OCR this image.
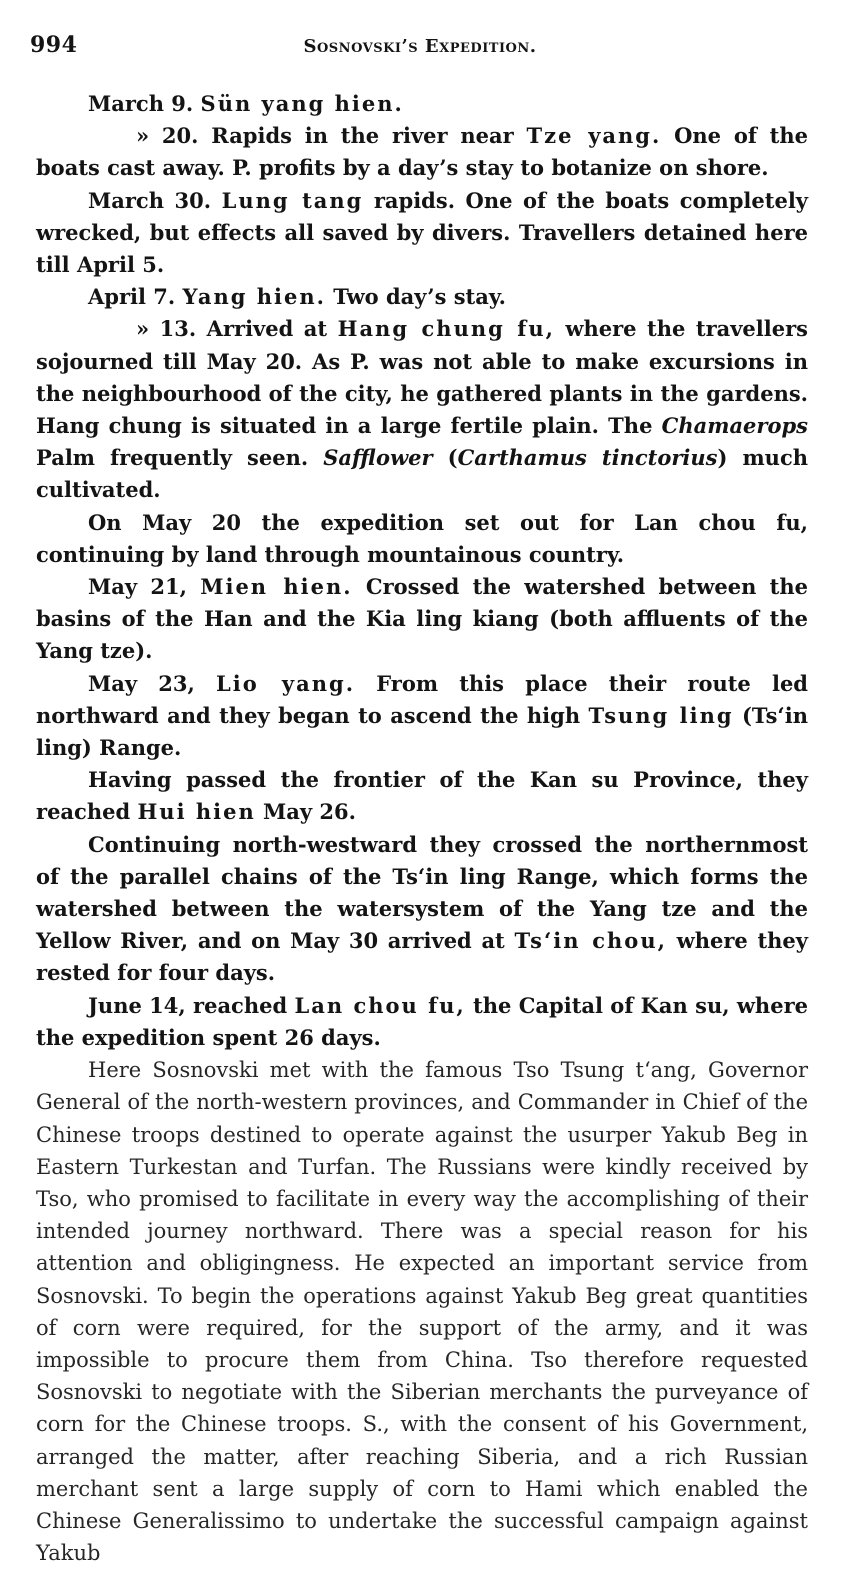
994	Sosnovski’s Expedition.

March 9. Sün yang hien.

» 20. Rapids in the river near Tze yang. One of the boats cast away. P. profits by a day’s stay to botanize on shore.

March 30. Lung tang rapids. One of the boats completely wrecked, but effects all saved by divers. Travellers detained here till April 5.

April 7. Yang hien. Two day’s stay.

» 13. Arrived at Hang chung fu, where the travellers sojourned till May 20. As P. was not able to make excursions in the neighbourhood of the city, he gathered plants in the gardens. Hang chung is situated in a large fertile plain. The Chamaerops Palm frequently seen. Safflower (Carthamus tinctorius) much cultivated.

On May 20 the expedition set out for Lan chou fu, continuing by land through mountainous country.

May 21, Mien hien. Crossed the watershed between the basins of the Han and the Kia ling kiang (both affluents of the Yang tze).

May 23, Lio yang. From this place their route led northward and they began to ascend the high Tsung ling (Tsʻin ling) Range.

Having passed the frontier of the Kan su Province, they reached Hui hien May 26.

Continuing north-westward they crossed the northernmost of the parallel chains of the Tsʻin ling Range, which forms the watershed between the watersystem of the Yang tze and the Yellow River, and on May 30 arrived at Tsʻin chou, where they rested for four days.

June 14, reached Lan chou fu, the Capital of Kan su, where the expedition spent 26 days.

Here Sosnovski met with the famous Tso Tsung tʻang, Governor General of the north-western provinces, and Commander in Chief of the Chinese troops destined to operate against the usurper Yakub Beg in Eastern Turkestan and Turfan. The Russians were kindly received by Tso, who promised to facilitate in every way the accomplishing of their intended journey northward. There was a special reason for his attention and obligingness. He expected an important service from Sosnovski. To begin the operations against Yakub Beg great quantities of corn were required, for the support of the army, and it was impossible to procure them from China. Tso therefore requested Sosnovski to negotiate with the Siberian merchants the purveyance of corn for the Chinese troops. S., with the consent of his Government, arranged the matter, after reaching Siberia, and a rich Russian merchant sent a large supply of corn to Hami which enabled the Chinese Generalissimo to undertake the successful campaign against Yakub
